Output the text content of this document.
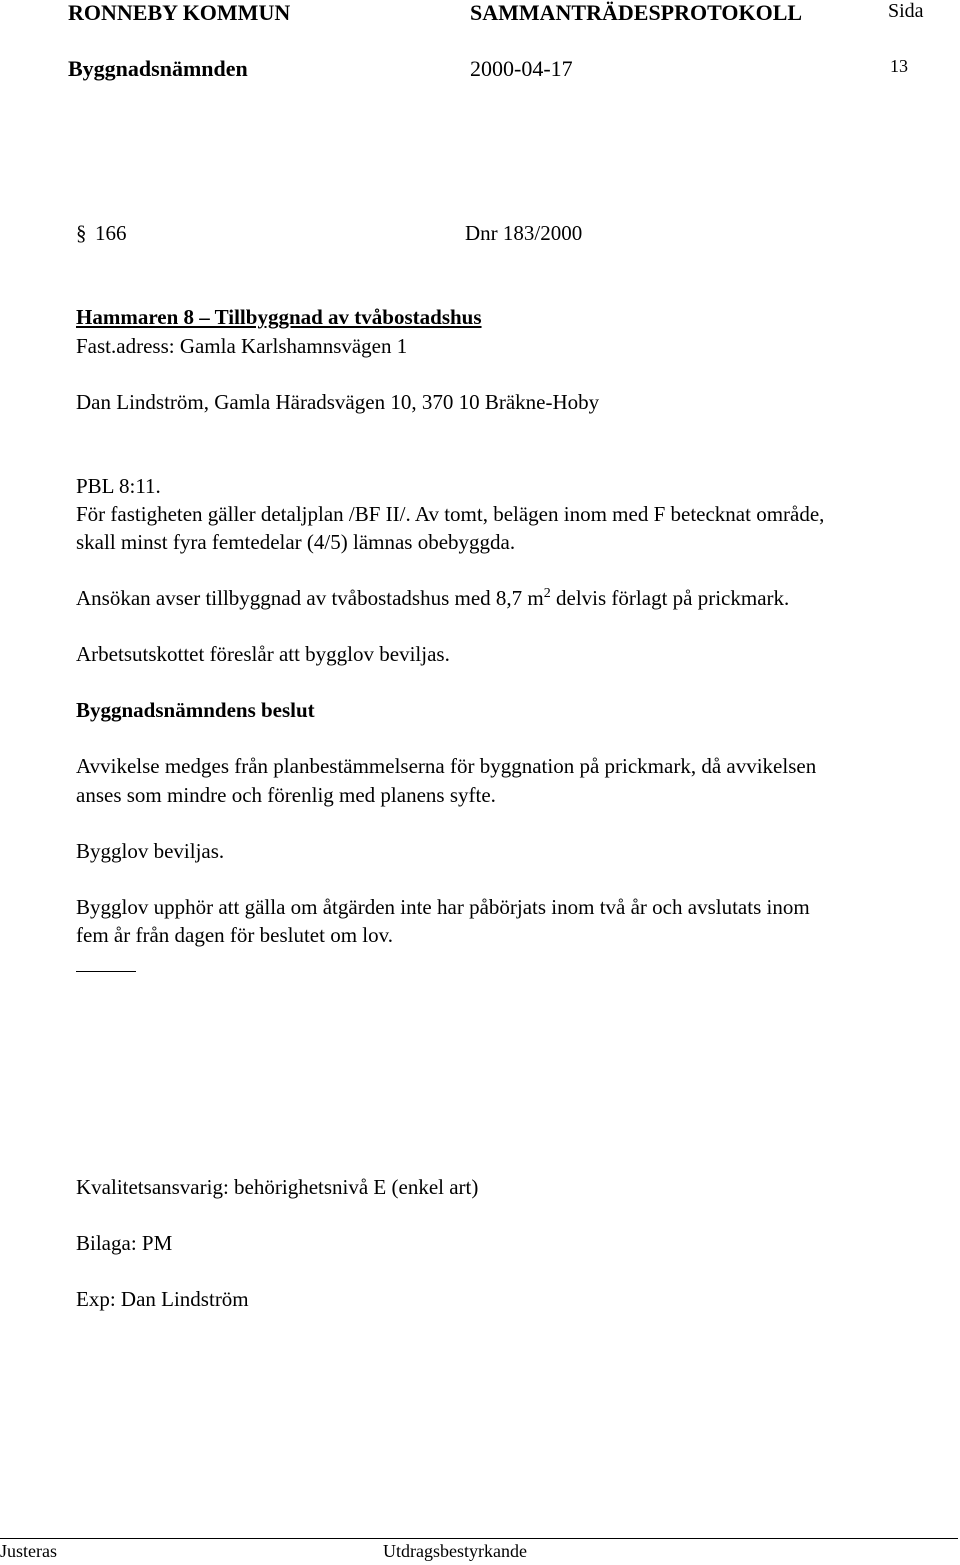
RONNEBY KOMMUN	SAMMANTRÄDESPROTOKOLL	Sida
Byggnadsnämnden	2000-04-17	13
§ 166	Dnr 183/2000
Hammaren 8 – Tillbyggnad av tvåbostadshus
Fast.adress: Gamla Karlshamnsvägen 1
Dan Lindström, Gamla Häradsvägen 10, 370 10 Bräkne-Hoby
PBL 8:11.
För fastigheten gäller detaljplan /BF II/. Av tomt, belägen inom med F betecknat område,
skall minst fyra femtedelar (4/5) lämnas obebyggda.
Ansökan avser tillbyggnad av tvåbostadshus med 8,7 $m^2$ delvis förlagt på prickmark.
Arbetsutskottet föreslår att bygglov beviljas.
Byggnadsnämndens beslut
Avvikelse medges från planbestämmelserna för byggnation på prickmark, då avvikelsen
anses som mindre och förenlig med planens syfte.
Bygglov beviljas.
Bygglov upphör att gälla om åtgärden inte har påbörjats inom två år och avslutats inom
fem år från dagen för beslutet om lov.
Kvalitetsansvarig: behörighetsnivå E (enkel art)
Bilaga: PM
Exp: Dan Lindström
Justeras	Utdragsbestyrkande
